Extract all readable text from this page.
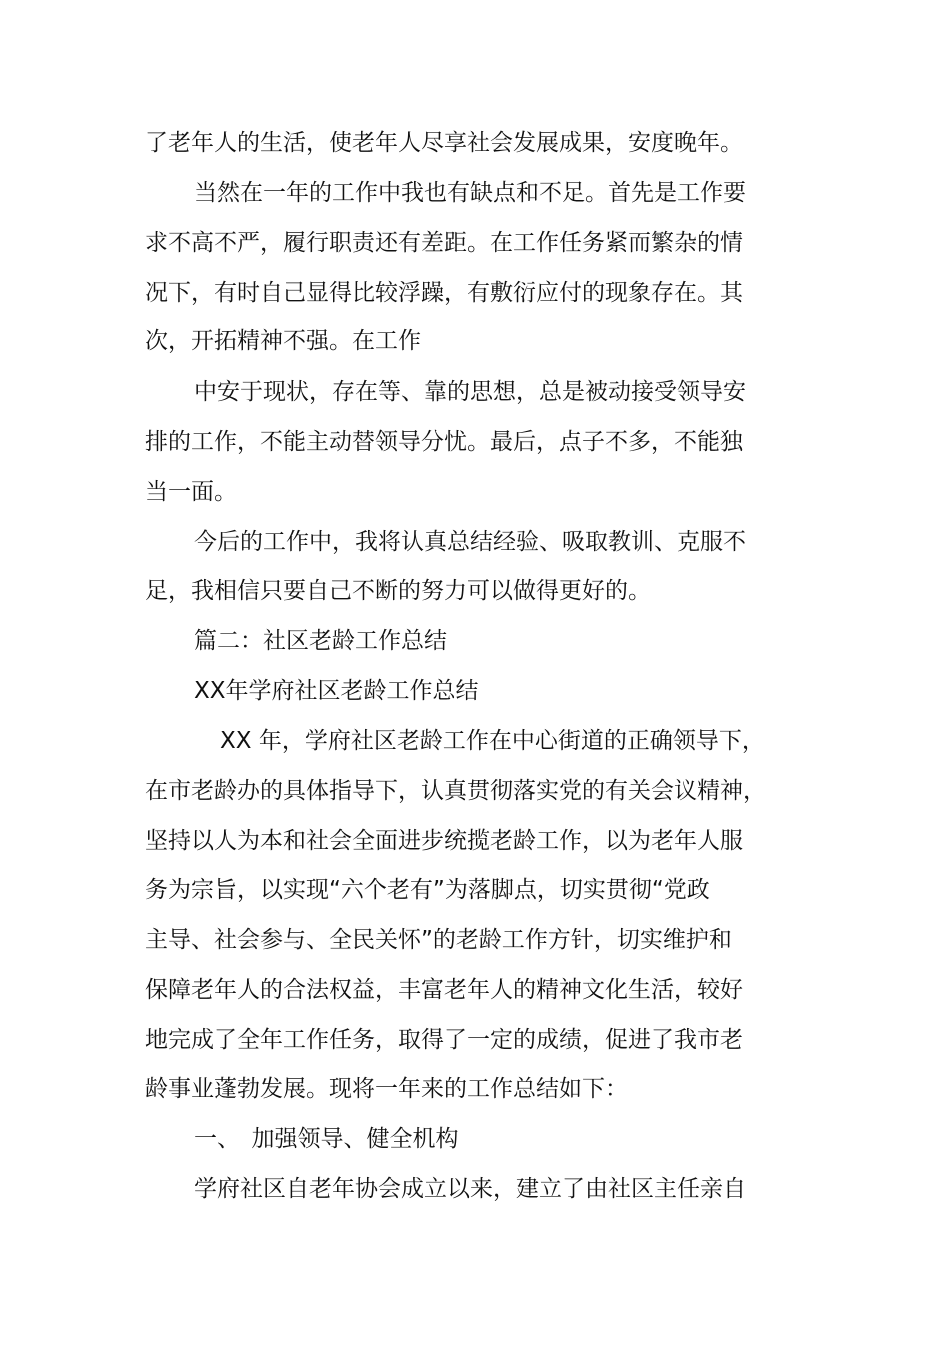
了老年人的生活，使老年人尽享社会发展成果，安度晚年。
当然在一年的工作中我也有缺点和不足。首先是工作要
求不高不严，履行职责还有差距。在工作任务紧而繁杂的情
况下，有时自己显得比较浮躁，有敷衍应付的现象存在。其
次，开拓精神不强。在工作
中安于现状，存在等、靠的思想，总是被动接受领导安
排的工作，不能主动替领导分忧。最后，点子不多，不能独
当一面。
今后的工作中，我将认真总结经验、吸取教训、克服不
足，我相信只要自己不断的努力可以做得更好的。
篇二：社区老龄工作总结
XX年学府社区老龄工作总结
XX 年，学府社区老龄工作在中心街道的正确领导下，
在市老龄办的具体指导下，认真贯彻落实党的有关会议精神，
坚持以人为本和社会全面进步统揽老龄工作，以为老年人服
务为宗旨，以实现“六个老有”为落脚点，切实贯彻“党政
主导、社会参与、全民关怀”的老龄工作方针，切实维护和
保障老年人的合法权益，丰富老年人的精神文化生活，较好
地完成了全年工作任务，取得了一定的成绩，促进了我市老
龄事业蓬勃发展。现将一年来的工作总结如下：
一、　加强领导、健全机构
学府社区自老年协会成立以来，建立了由社区主任亲自
